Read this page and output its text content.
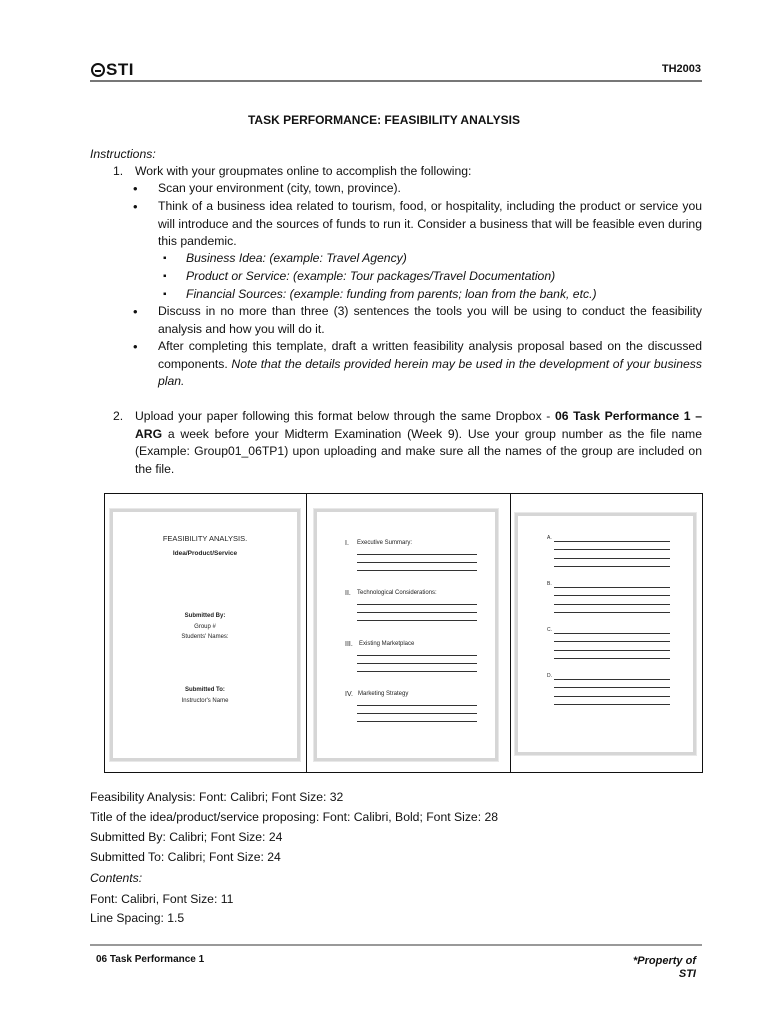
STI	TH2003
TASK PERFORMANCE: FEASIBILITY ANALYSIS
Instructions:
1. Work with your groupmates online to accomplish the following:
• Scan your environment (city, town, province).
• Think of a business idea related to tourism, food, or hospitality, including the product or service you will introduce and the sources of funds to run it. Consider a business that will be feasible even during this pandemic.
▪ Business Idea: (example: Travel Agency)
▪ Product or Service: (example: Tour packages/Travel Documentation)
▪ Financial Sources: (example: funding from parents; loan from the bank, etc.)
• Discuss in no more than three (3) sentences the tools you will be using to conduct the feasibility analysis and how you will do it.
• After completing this template, draft a written feasibility analysis proposal based on the discussed components. Note that the details provided herein may be used in the development of your business plan.
2. Upload your paper following this format below through the same Dropbox - 06 Task Performance 1 – ARG a week before your Midterm Examination (Week 9). Use your group number as the file name (Example: Group01_06TP1) upon uploading and make sure all the names of the group are included on the file.
FEASIBILITY ANALYSIS.
Idea/Product/Service
Submitted By:
Group #
Students' Names:
Submitted To:
Instructor's Name
I. Executive Summary:
II. Technological Considerations:
III. Existing Marketplace
IV. Marketing Strategy
A.
B.
C.
D.
Feasibility Analysis: Font: Calibri; Font Size: 32
Title of the idea/product/service proposing: Font: Calibri, Bold; Font Size: 28
Submitted By: Calibri; Font Size: 24
Submitted To: Calibri; Font Size: 24
Contents:
Font: Calibri, Font Size: 11
Line Spacing: 1.5
06 Task Performance 1	*Property of
STI
